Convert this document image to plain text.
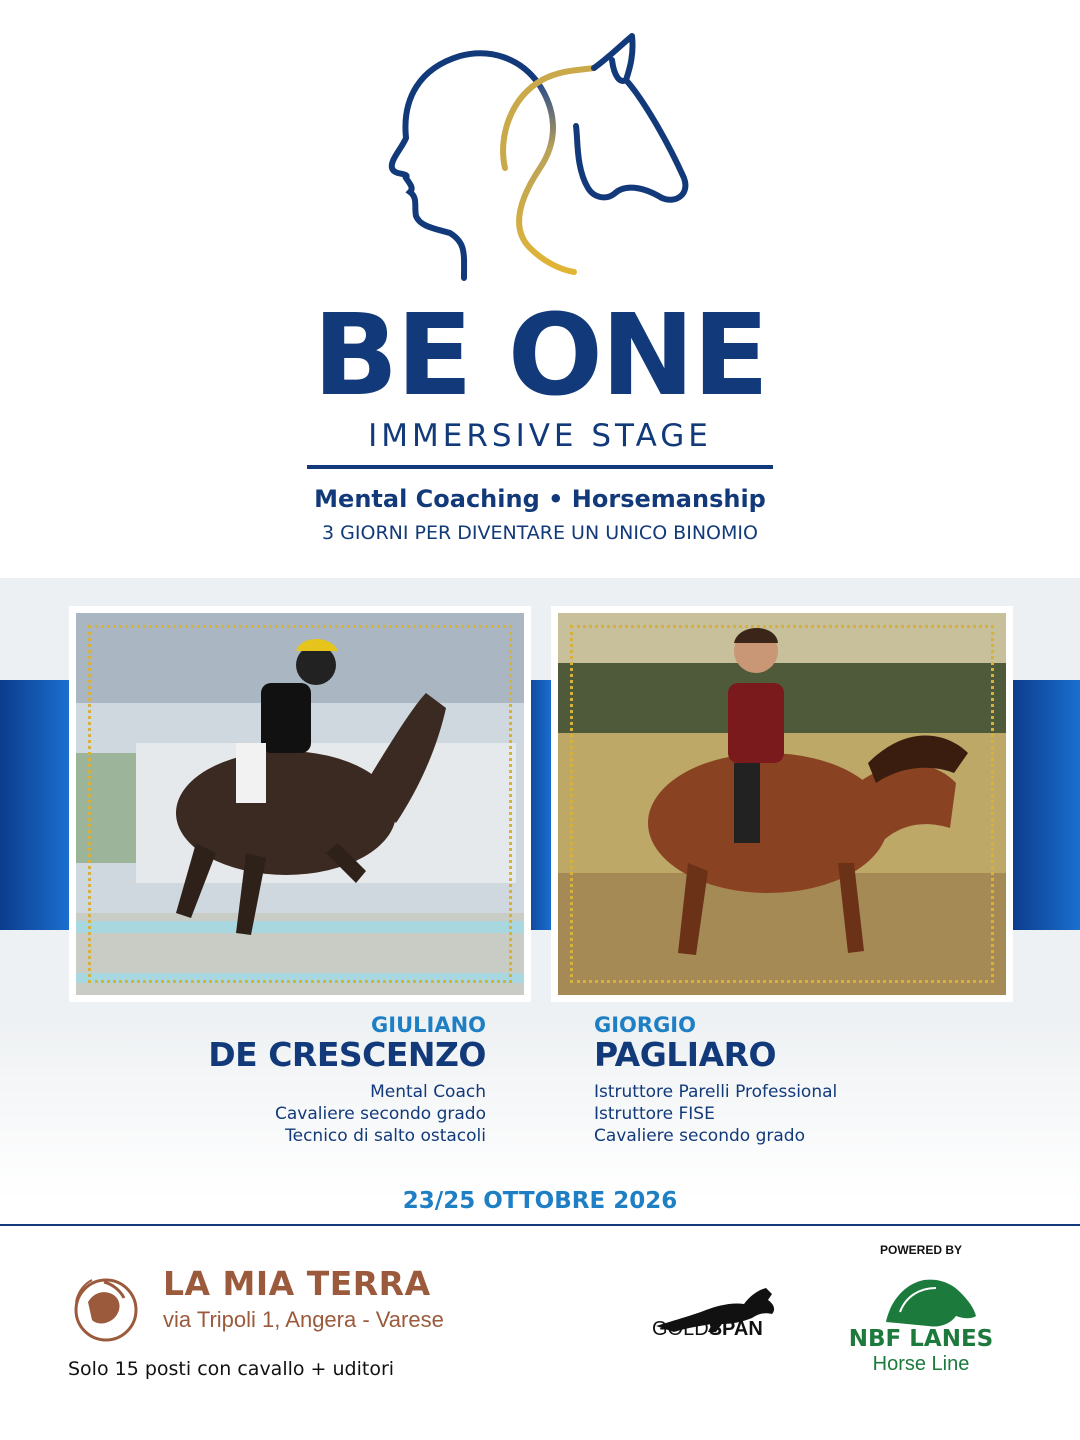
BE ONE
IMMERSIVE STAGE
Mental Coaching • Horsemanship
3 GIORNI PER DIVENTARE UN UNICO BINOMIO
GIULIANO
DE CRESCENZO
Mental Coach
Cavaliere secondo grado
Tecnico di salto ostacoli
GIORGIO
PAGLIARO
Istruttore Parelli Professional
Istruttore FISE
Cavaliere secondo grado
23/25 OTTOBRE 2026
LA MIA TERRA
via Tripoli 1, Angera - Varese
Solo 15 posti con cavallo + uditori
GOLDSPAN
POWERED BY
NBF LANES
Horse Line
